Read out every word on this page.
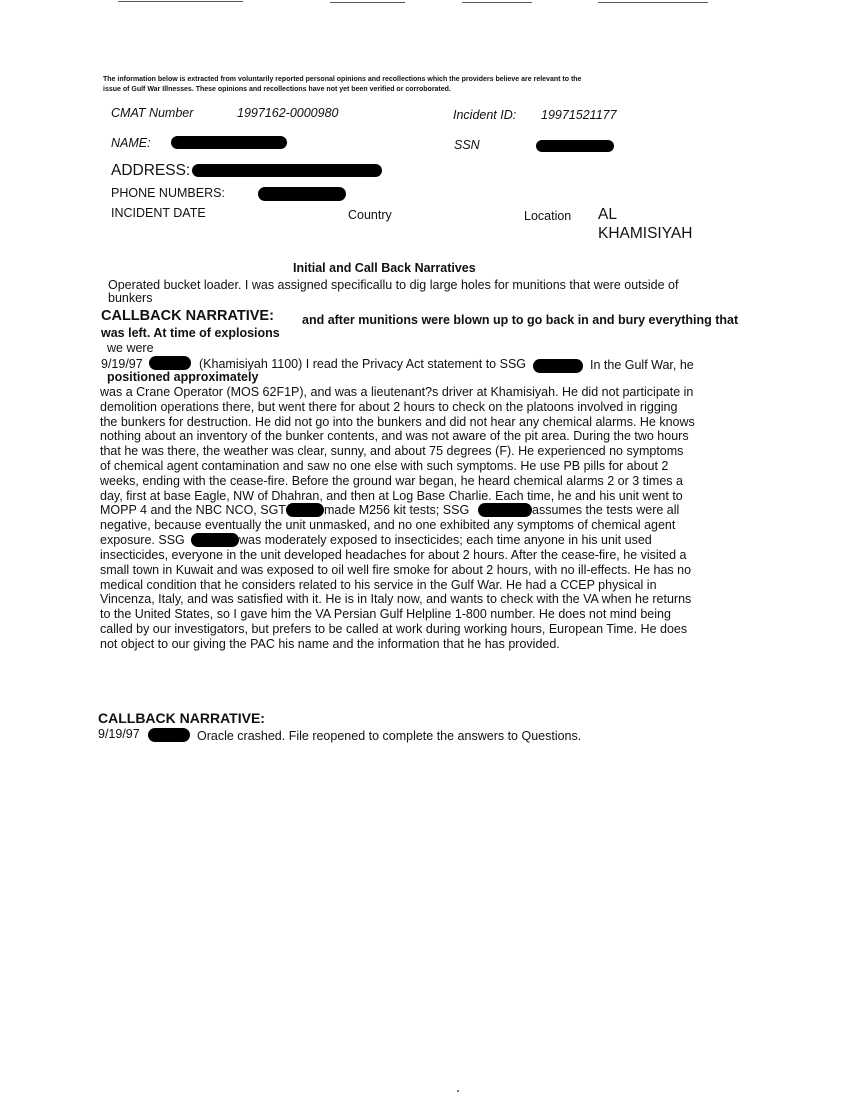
The information below is extracted from voluntarily reported personal opinions and recollections which the providers believe are relevant to the
issue of Gulf War Illnesses. These opinions and recollections have not yet been verified or corroborated.
CMAT Number	1997162-0000980	Incident ID: 19971521177
NAME:	SSN
ADDRESS:
PHONE NUMBERS:
INCIDENT DATE	Country	Location AL
KHAMISIYAH
Initial and Call Back Narratives
Operated bucket loader. I was assigned specificallu to dig large holes for munitions that were outside of
bunkers
CALLBACK NARRATIVE: and after munitions were blown up to go back in and bury everything that
was left. At time of explosions
we were
9/19/97	(Khamisiyah 1100) I read the Privacy Act statement to SSG	In the Gulf War, he
positioned approximately
was a Crane Operator (MOS 62F1P), and was a lieutenant?s driver at Khamisiyah. He did not participate in
demolition operations there, but went there for about 2 hours to check on the platoons involved in rigging
the bunkers for destruction. He did not go into the bunkers and did not hear any chemical alarms. He knows
nothing about an inventory of the bunker contents, and was not aware of the pit area. During the two hours
that he was there, the weather was clear, sunny, and about 75 degrees (F). He experienced no symptoms
of chemical agent contamination and saw no one else with such symptoms. He use PB pills for about 2
weeks, ending with the cease-fire. Before the ground war began, he heard chemical alarms 2 or 3 times a
day, first at base Eagle, NW of Dhahran, and then at Log Base Charlie. Each time, he and his unit went to
MOPP 4 and the NBC NCO, SGT	made M256 kit tests; SSG	assumes the tests were all
negative, because eventually the unit unmasked, and no one exhibited any symptoms of chemical agent
exposure. SSG	was moderately exposed to insecticides; each time anyone in his unit used
insecticides, everyone in the unit developed headaches for about 2 hours. After the cease-fire, he visited a
small town in Kuwait and was exposed to oil well fire smoke for about 2 hours, with no ill-effects. He has no
medical condition that he considers related to his service in the Gulf War. He had a CCEP physical in
Vincenza, Italy, and was satisfied with it. He is in Italy now, and wants to check with the VA when he returns
to the United States, so I gave him the VA Persian Gulf Helpline 1-800 number. He does not mind being
called by our investigators, but prefers to be called at work during working hours, European Time. He does
not object to our giving the PAC his name and the information that he has provided.
CALLBACK NARRATIVE:
9/19/97	Oracle crashed. File reopened to complete the answers to Questions.
